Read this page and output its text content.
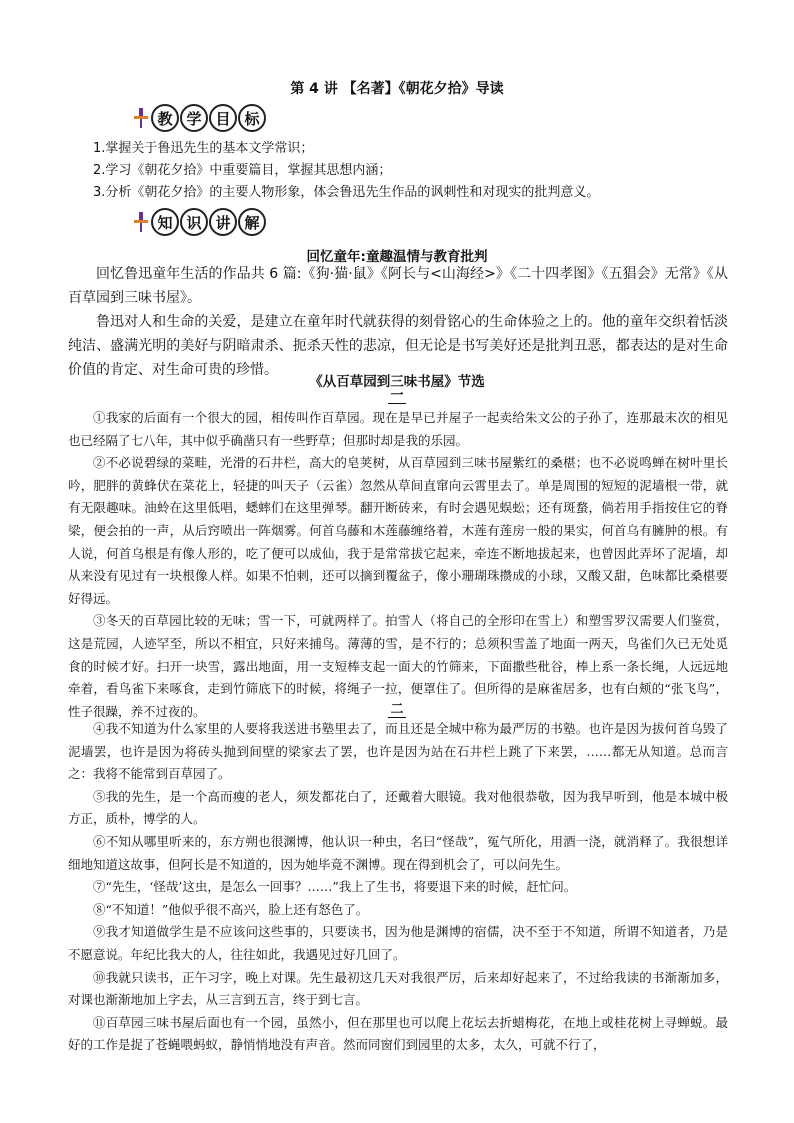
第 4 讲 【名著】《朝花夕拾》导读
教 学 目 标
1.掌握关于鲁迅先生的基本文学常识；
2.学习《朝花夕拾》中重要篇目，掌握其思想内涵；
3.分析《朝花夕拾》的主要人物形象，体会鲁迅先生作品的讽刺性和对现实的批判意义。
知 识 讲 解
回忆童年:童趣温情与教育批判

回忆鲁迅童年生活的作品共 6 篇:《狗·猫·鼠》《阿长与<山海经>》《二十四孝图》《五猖会》无常》《从百草园到三味书屋》。

鲁迅对人和生命的关爱，是建立在童年时代就获得的刻骨铭心的生命体验之上的。他的童年交织着恬淡纯洁、盛满光明的美好与阴暗肃杀、扼杀天性的悲凉，但无论是书写美好还是批判丑恶，都表达的是对生命价值的肯定、对生命可贵的珍惜。

《从百草园到三味书屋》节选
一

①我家的后面有一个很大的园，相传叫作百草园。现在是早已并屋子一起卖给朱文公的子孙了，连那最末次的相见也已经隔了七八年，其中似乎确凿只有一些野草；但那时却是我的乐园。

②不必说碧绿的菜畦，光滑的石井栏，高大的皂荚树，从百草园到三味书屋紫红的桑椹；也不必说鸣蝉在树叶里长吟，肥胖的黄蜂伏在菜花上，轻捷的叫天子（云雀）忽然从草间直窜向云霄里去了。单是周围的短短的泥墙根一带，就有无限趣味。油蛉在这里低唱，蟋蟀们在这里弹琴。翻开断砖来，有时会遇见蜈蚣；还有斑蝥，倘若用手指按住它的脊梁，便会拍的一声，从后窍喷出一阵烟雾。何首乌藤和木莲藤缠络着，木莲有莲房一般的果实，何首乌有臃肿的根。有人说，何首乌根是有像人形的，吃了便可以成仙，我于是常常拔它起来，牵连不断地拔起来，也曾因此弄坏了泥墙，却从来没有见过有一块根像人样。如果不怕刺，还可以摘到覆盆子，像小珊瑚珠攒成的小球，又酸又甜，色味都比桑椹要好得远。

③冬天的百草园比较的无味；雪一下，可就两样了。拍雪人（将自己的全形印在雪上）和塑雪罗汉需要人们鉴赏，这是荒园，人迹罕至，所以不相宜，只好来捕鸟。薄薄的雪，是不行的；总须积雪盖了地面一两天，鸟雀们久已无处觅食的时候才好。扫开一块雪，露出地面，用一支短棒支起一面大的竹筛来，下面撒些秕谷，棒上系一条长绳，人远远地牵着，看鸟雀下来啄食，走到竹筛底下的时候，将绳子一拉，便罩住了。但所得的是麻雀居多，也有白颊的“张飞鸟”，性子很躁，养不过夜的。	二

④我不知道为什么家里的人要将我送进书塾里去了，而且还是全城中称为最严厉的书塾。也许是因为拔何首乌毁了泥墙罢，也许是因为将砖头抛到间壁的梁家去了罢，也许是因为站在石井栏上跳了下来罢，……都无从知道。总而言之：我将不能常到百草园了。

⑤我的先生，是一个高而瘦的老人，须发都花白了，还戴着大眼镜。我对他很恭敬，因为我早听到，他是本城中极方正，质朴，博学的人。

⑥不知从哪里听来的，东方朔也很渊博，他认识一种虫，名曰“怪哉”，冤气所化，用酒一浇，就消释了。我很想详细地知道这故事，但阿长是不知道的，因为她毕竟不渊博。现在得到机会了，可以问先生。

⑦“先生，‘怪哉’这虫，是怎么一回事？……”我上了生书，将要退下来的时候，赶忙问。

⑧“不知道！”他似乎很不高兴，脸上还有怒色了。

⑨我才知道做学生是不应该问这些事的，只要读书，因为他是渊博的宿儒，决不至于不知道，所谓不知道者，乃是不愿意说。年纪比我大的人，往往如此，我遇见过好几回了。

⑩我就只读书，正午习字，晚上对课。先生最初这几天对我很严厉，后来却好起来了，不过给我读的书渐渐加多，对课也渐渐地加上字去，从三言到五言，终于到七言。

⑪百草园三味书屋后面也有一个园，虽然小，但在那里也可以爬上花坛去折蜡梅花，在地上或桂花树上寻蝉蜕。最好的工作是捉了苍蝇喂蚂蚁，静悄悄地没有声音。然而同窗们到园里的太多，太久，可就不行了，
